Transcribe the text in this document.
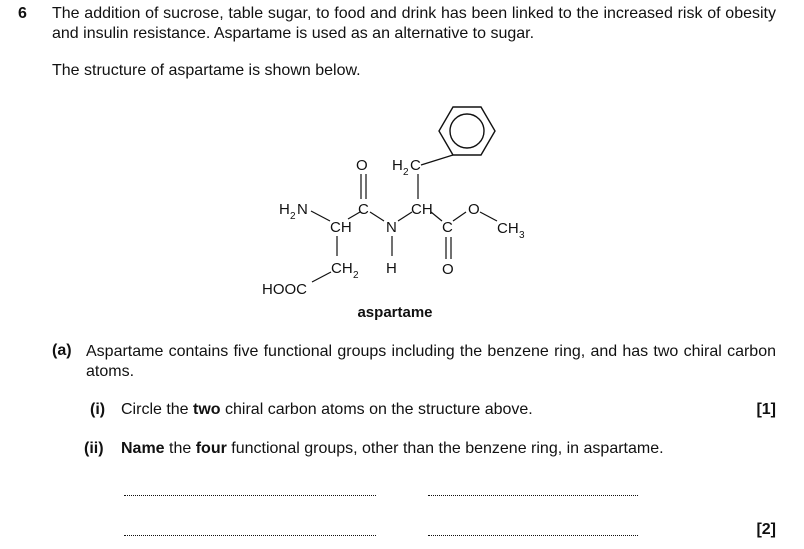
6 The addition of sucrose, table sugar, to food and drink has been linked to the increased risk of obesity and insulin resistance. Aspartame is used as an alternative to sugar.
The structure of aspartame is shown below.
O H 2 C
H 2 N	C
CH N
CH
C
O
CH 3
CH 2 H	O
HOOC
aspartame
(a) Aspartame contains five functional groups including the benzene ring, and has two chiral carbon atoms.
(i) Circle the two chiral carbon atoms on the structure above.	[1]
(ii) Name the four functional groups, other than the benzene ring, in aspartame.
[2]
